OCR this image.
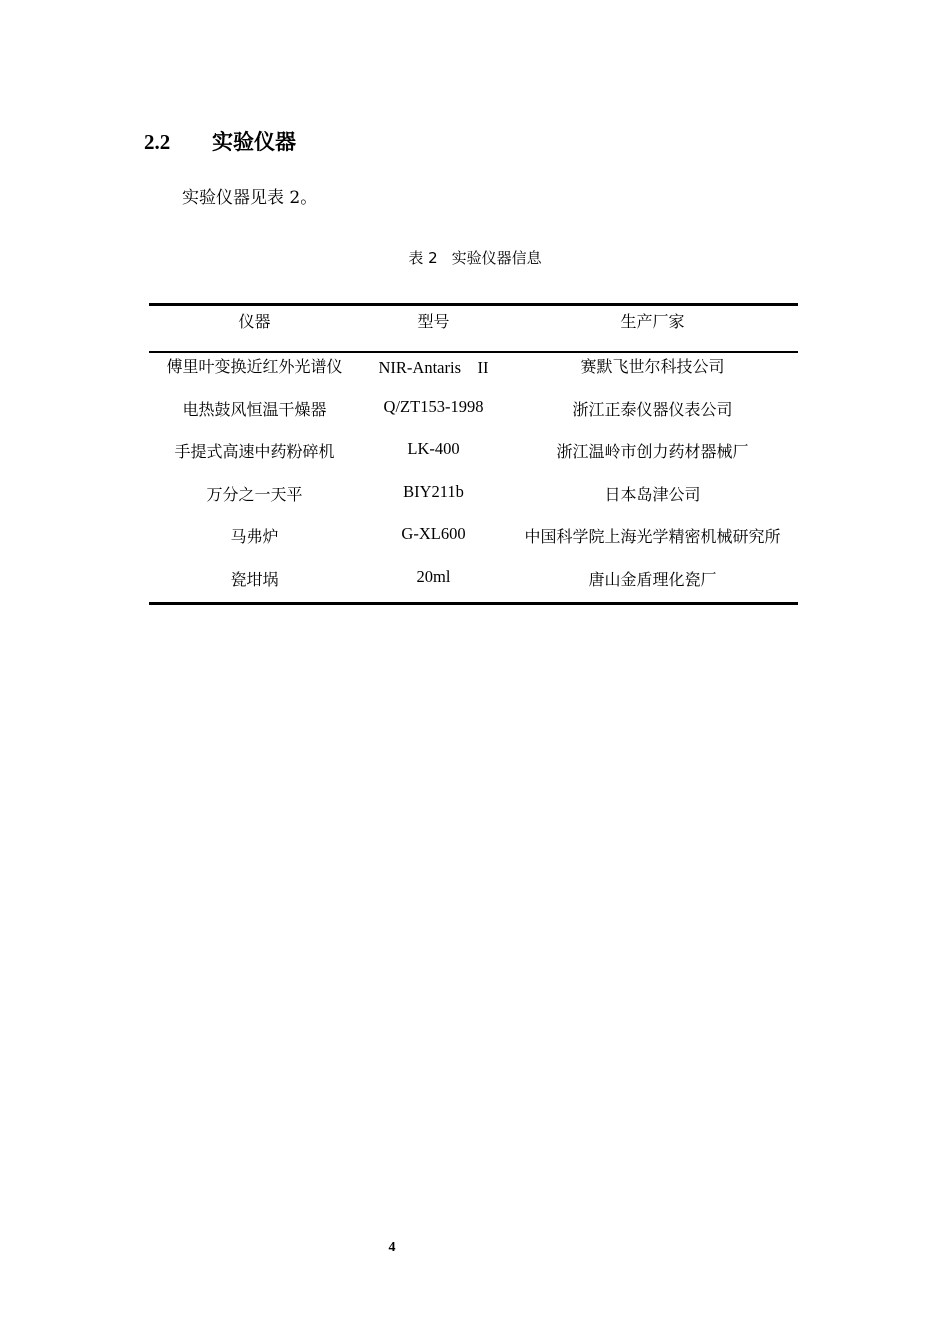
2.2 实验仪器
实验仪器见表 2。
表 2 实验仪器信息
仪器	型号	生产厂家
傅里叶变换近红外光谱仪	NIR-Antaris　II	赛默飞世尔科技公司
电热鼓风恒温干燥器	Q/ZT153-1998	浙江正泰仪器仪表公司
手提式高速中药粉碎机	LK-400	浙江温岭市创力药材器械厂
万分之一天平	BIY211b	日本岛津公司
马弗炉	G-XL600	中国科学院上海光学精密机械研究所
瓷坩埚	20ml	唐山金盾理化瓷厂
4
